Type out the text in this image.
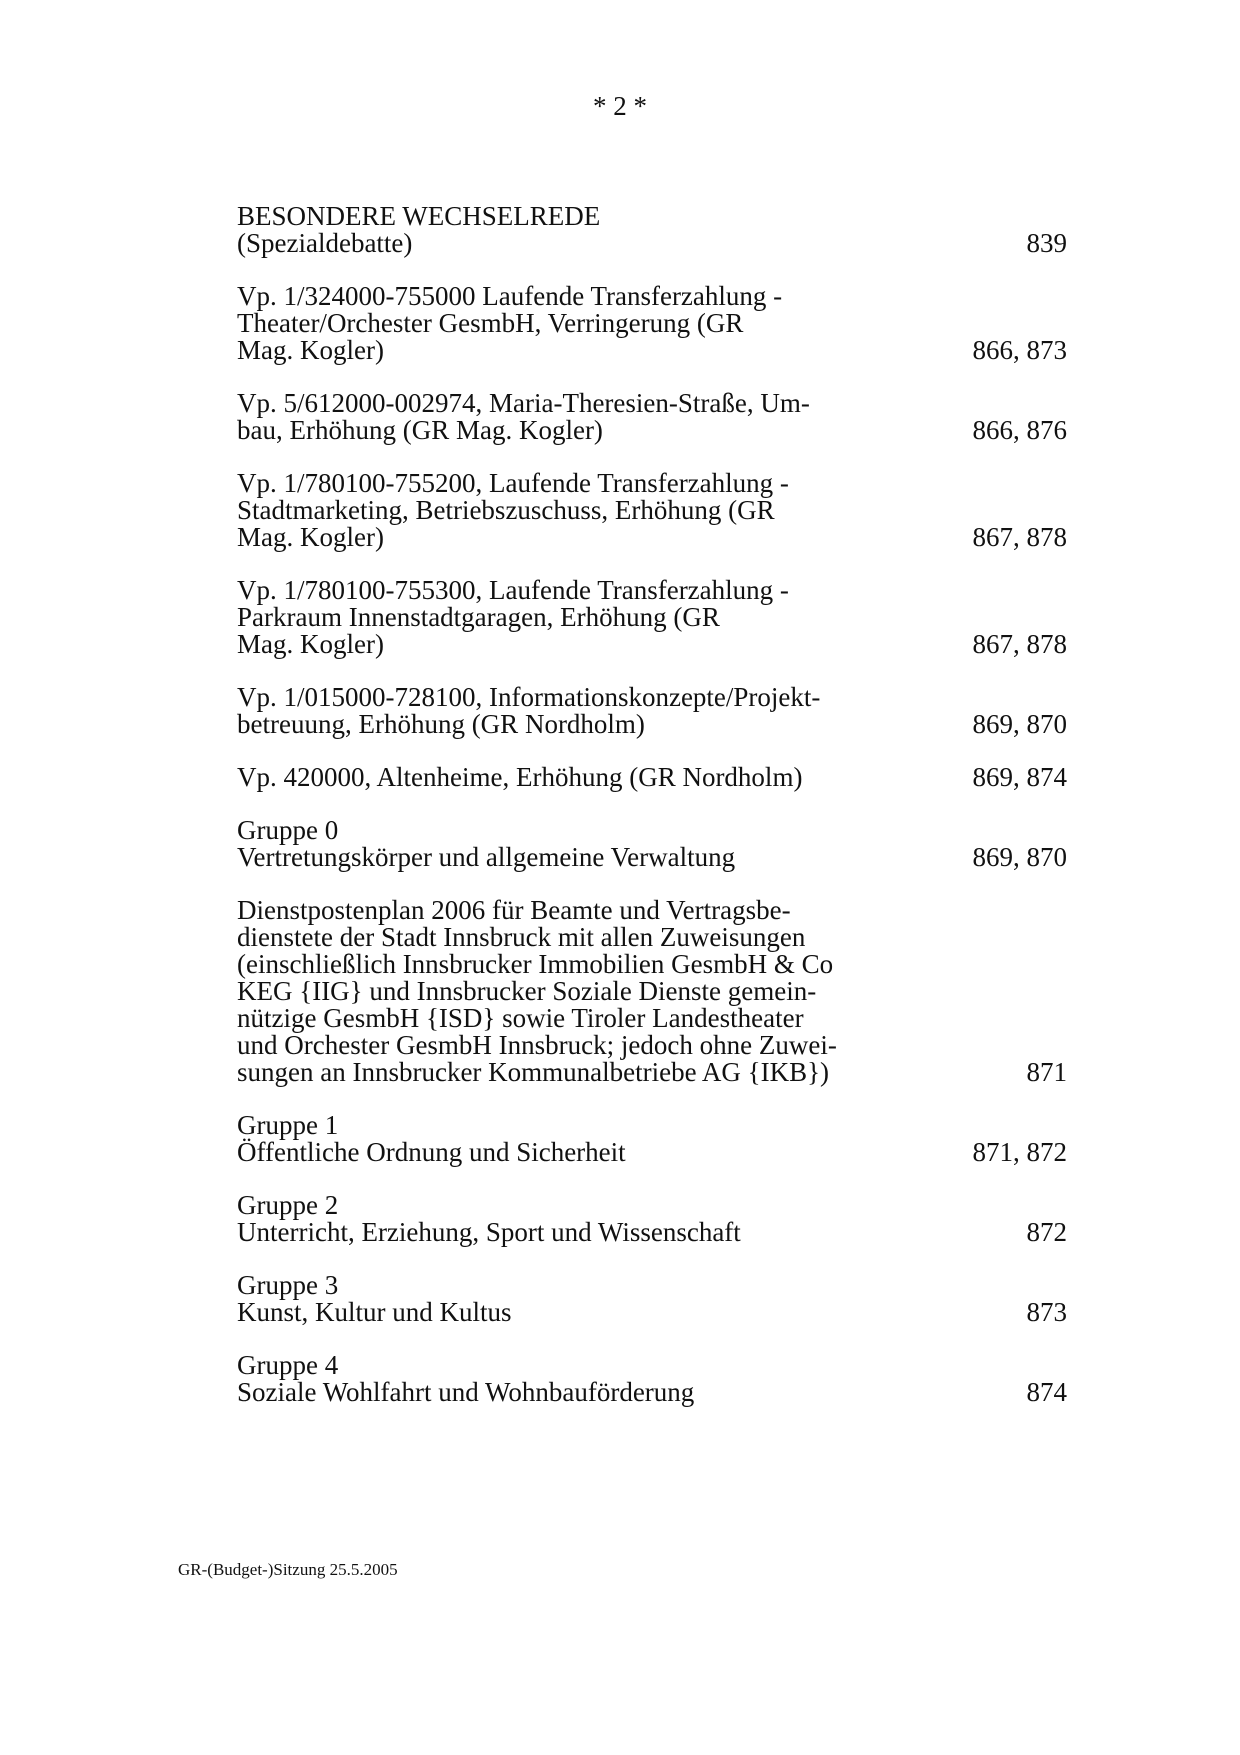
* 2 *
BESONDERE WECHSELREDE
(Spezialdebatte)	839
Vp. 1/324000-755000 Laufende Transferzahlung -
Theater/Orchester GesmbH, Verringerung (GR
Mag. Kogler)	866, 873
Vp. 5/612000-002974, Maria-Theresien-Straße, Um-
bau, Erhöhung (GR Mag. Kogler)	866, 876
Vp. 1/780100-755200, Laufende Transferzahlung -
Stadtmarketing, Betriebszuschuss, Erhöhung (GR
Mag. Kogler)	867, 878
Vp. 1/780100-755300, Laufende Transferzahlung -
Parkraum Innenstadtgaragen, Erhöhung (GR
Mag. Kogler)	867, 878
Vp. 1/015000-728100, Informationskonzepte/Projekt-
betreuung, Erhöhung (GR Nordholm)	869, 870
Vp. 420000, Altenheime, Erhöhung (GR Nordholm)	869, 874
Gruppe 0
Vertretungskörper und allgemeine Verwaltung	869, 870
Dienstpostenplan 2006 für Beamte und Vertragsbe-
dienstete der Stadt Innsbruck mit allen Zuweisungen
(einschließlich Innsbrucker Immobilien GesmbH & Co
KEG {IIG} und Innsbrucker Soziale Dienste gemein-
nützige GesmbH {ISD} sowie Tiroler Landestheater
und Orchester GesmbH Innsbruck; jedoch ohne Zuwei-
sungen an Innsbrucker Kommunalbetriebe AG {IKB})	871
Gruppe 1
Öffentliche Ordnung und Sicherheit	871, 872
Gruppe 2
Unterricht, Erziehung, Sport und Wissenschaft	872
Gruppe 3
Kunst, Kultur und Kultus	873
Gruppe 4
Soziale Wohlfahrt und Wohnbauförderung	874
GR-(Budget-)Sitzung 25.5.2005
